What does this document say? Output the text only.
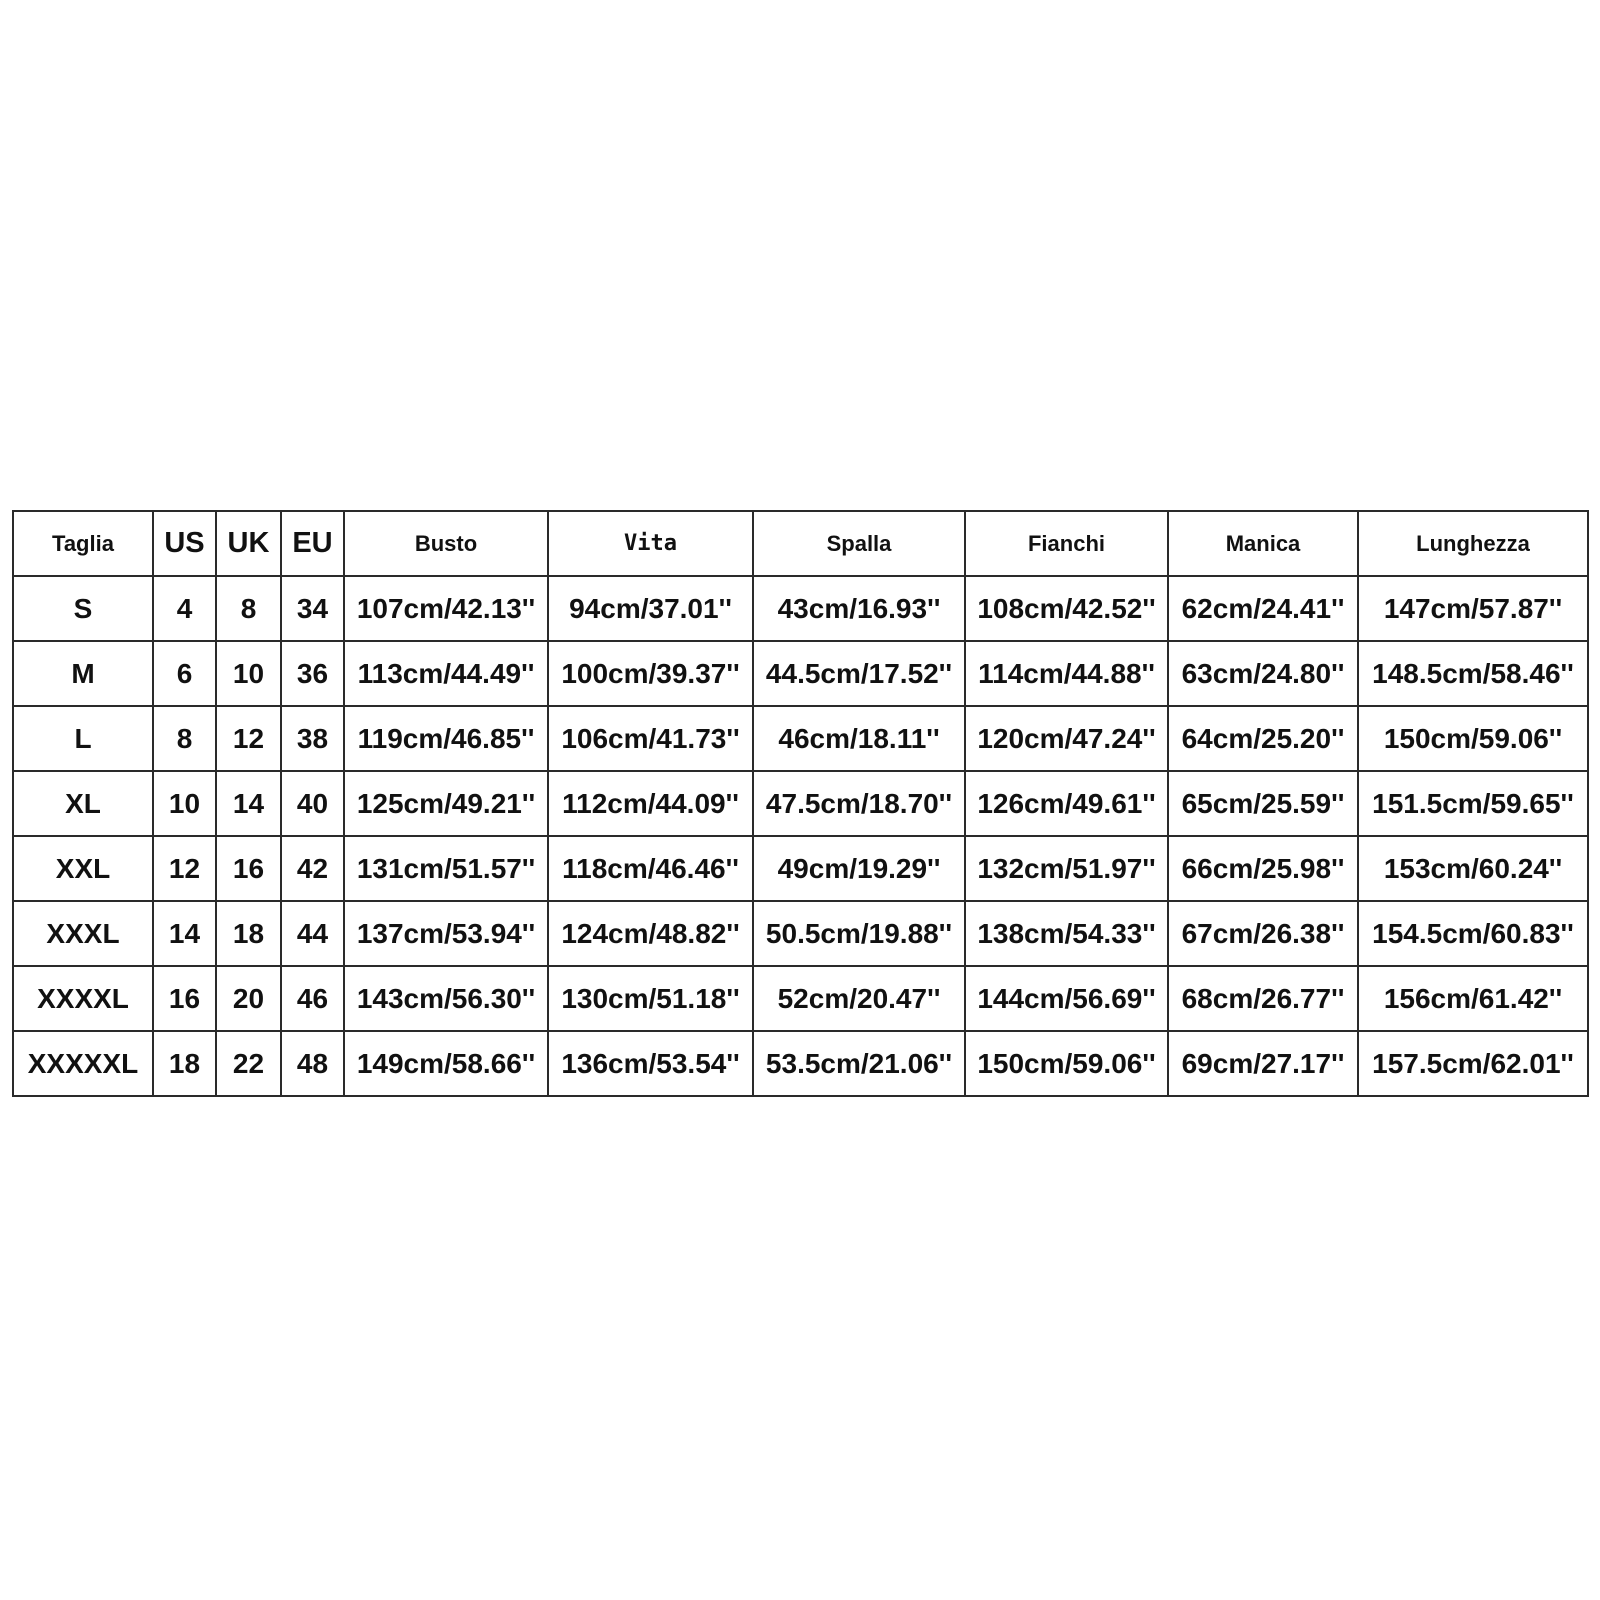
Taglia	US	UK	EU	Busto	Vita	Spalla	Fianchi	Manica	Lunghezza
S	4	8	34	107cm/42.13''	94cm/37.01''	43cm/16.93''	108cm/42.52''	62cm/24.41''	147cm/57.87''
M	6	10	36	113cm/44.49''	100cm/39.37''	44.5cm/17.52''	114cm/44.88''	63cm/24.80''	148.5cm/58.46''
L	8	12	38	119cm/46.85''	106cm/41.73''	46cm/18.11''	120cm/47.24''	64cm/25.20''	150cm/59.06''
XL	10	14	40	125cm/49.21''	112cm/44.09''	47.5cm/18.70''	126cm/49.61''	65cm/25.59''	151.5cm/59.65''
XXL	12	16	42	131cm/51.57''	118cm/46.46''	49cm/19.29''	132cm/51.97''	66cm/25.98''	153cm/60.24''
XXXL	14	18	44	137cm/53.94''	124cm/48.82''	50.5cm/19.88''	138cm/54.33''	67cm/26.38''	154.5cm/60.83''
XXXXL	16	20	46	143cm/56.30''	130cm/51.18''	52cm/20.47''	144cm/56.69''	68cm/26.77''	156cm/61.42''
XXXXXL	18	22	48	149cm/58.66''	136cm/53.54''	53.5cm/21.06''	150cm/59.06''	69cm/27.17''	157.5cm/62.01''
